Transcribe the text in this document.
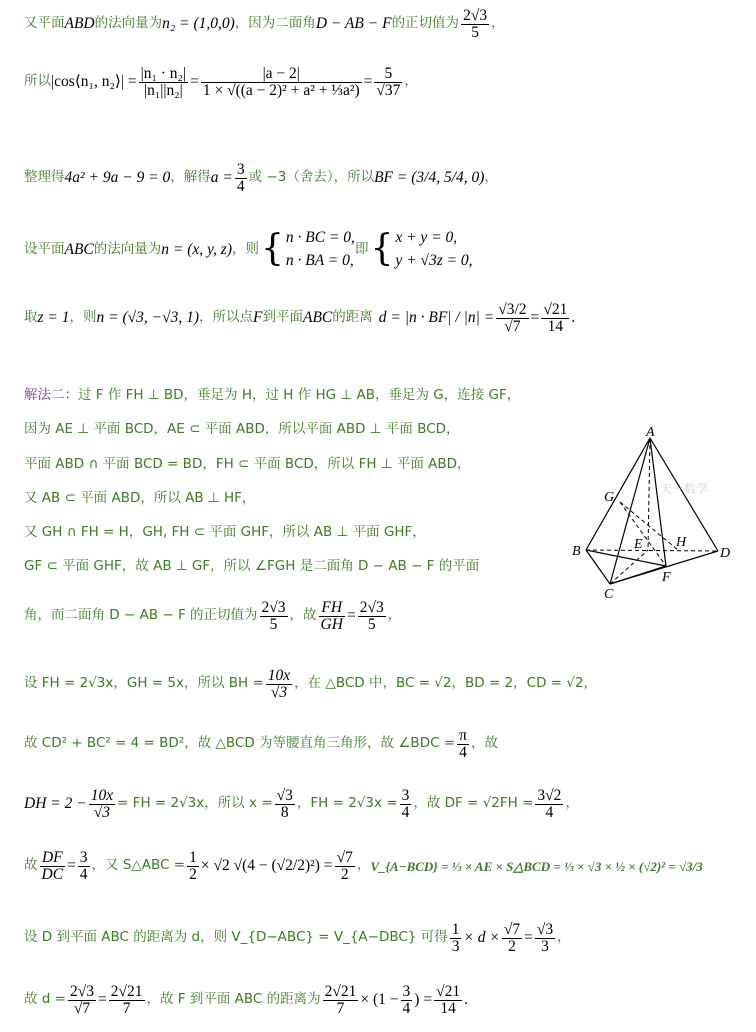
又平面 ABD 的法向量为 n₂ = (1,0,0) ，因为二面角 D − AB − F 的正切值为 $\frac{2√3}{5}$ ，
所以 |cos⟨n₁, n₂⟩| = $\frac{\text{|n₁ · n₂|}}{\text{|n₁||n₂|}} = \frac{|a - 2|}{\text{1 × √((a − 2)² + a² + ⅓a²)}} = \frac{5}{√37}$ ，
整理得 4a² + 9a − 9 = 0 ，解得 $a = \frac{3}{4}$ 或 −3（舍去），所以 BF = (3/4, 5/4, 0) ，
设平面 ABC 的法向量为 n = (x, y, z) ，则 { n · BC = 0,
n · BA = 0,
即 { x + y = 0,
y + √3z = 0,
取 z = 1 ，则 n = (√3, −√3, 1) ，所以点 F 到平面 ABC 的距离 $d = |n \cdot BF| / |n| = \frac{√3/2}{√7} = \frac{√21}{14}$ .
解法二：过 F 作 FH ⊥ BD，垂足为 H，过 H 作 HG ⊥ AB，垂足为 G，连接 GF，
因为 AE ⊥ 平面 BCD，AE ⊂ 平面 ABD，所以平面 ABD ⊥ 平面 BCD，
平面 ABD ∩ 平面 BCD = BD，FH ⊂ 平面 BCD，所以 FH ⊥ 平面 ABD，
又 AB ⊂ 平面 ABD，所以 AB ⊥ HF，
又 GH ∩ FH = H，GH, FH ⊂ 平面 GHF，所以 AB ⊥ 平面 GHF，
GF ⊂ 平面 GHF，故 AB ⊥ GF，所以 ∠FGH 是二面角 D − AB − F 的平面
角，而二面角 D − AB − F 的正切值为 $\frac{2√3}{5}$ ，故 $\frac{FH}{GH} = \frac{2√3}{5}$ ，
设 FH = 2√3x，GH = 5x，所以 BH = $\frac{10x}{√3}$ ，在 △BCD 中，BC = √2，BD = 2，CD = √2，
故 CD² + BC² = 4 = BD²，故 △BCD 为等腰直角三角形，故 ∠BDC = $\frac{\pi}{4}$ ，故
DH = $2 - \frac{10x}{√3}$ = FH = 2√3x，所以 $x = \frac{√3}{8}$ ，FH = $2√3x = \frac{3}{4}$ ，故 DF = $√2FH = \frac{3√2}{4}$ ，
故 $\frac{DF}{DC} = \frac{3}{4}$ ，又 S△ABC = $\frac{1}{2} \times √2$ $√(4 - (√2/2)^2) = \frac{√7}{2}$ ， V_{A−BCD} = ⅓ × AE × S△BCD = ⅓ × √3 × ½ × (√2)² = √3/3
设 D 到平面 ABC 的距离为 d，则 V_{D−ABC} = V_{A−DBC} 可得 $\frac{1}{3} \times d \times \frac{√7}{2} = \frac{√3}{3}$ ，
故 $d = \frac{2√3}{√7} = \frac{2√21}{7}$ ，故 F 到平面 ABC 的距离为 $\frac{2√21}{7} \times (1 - \frac{3}{4}$ ) = $\frac{√21}{14}$ .
A
B
C
D
E
F
G
H
天一数学
